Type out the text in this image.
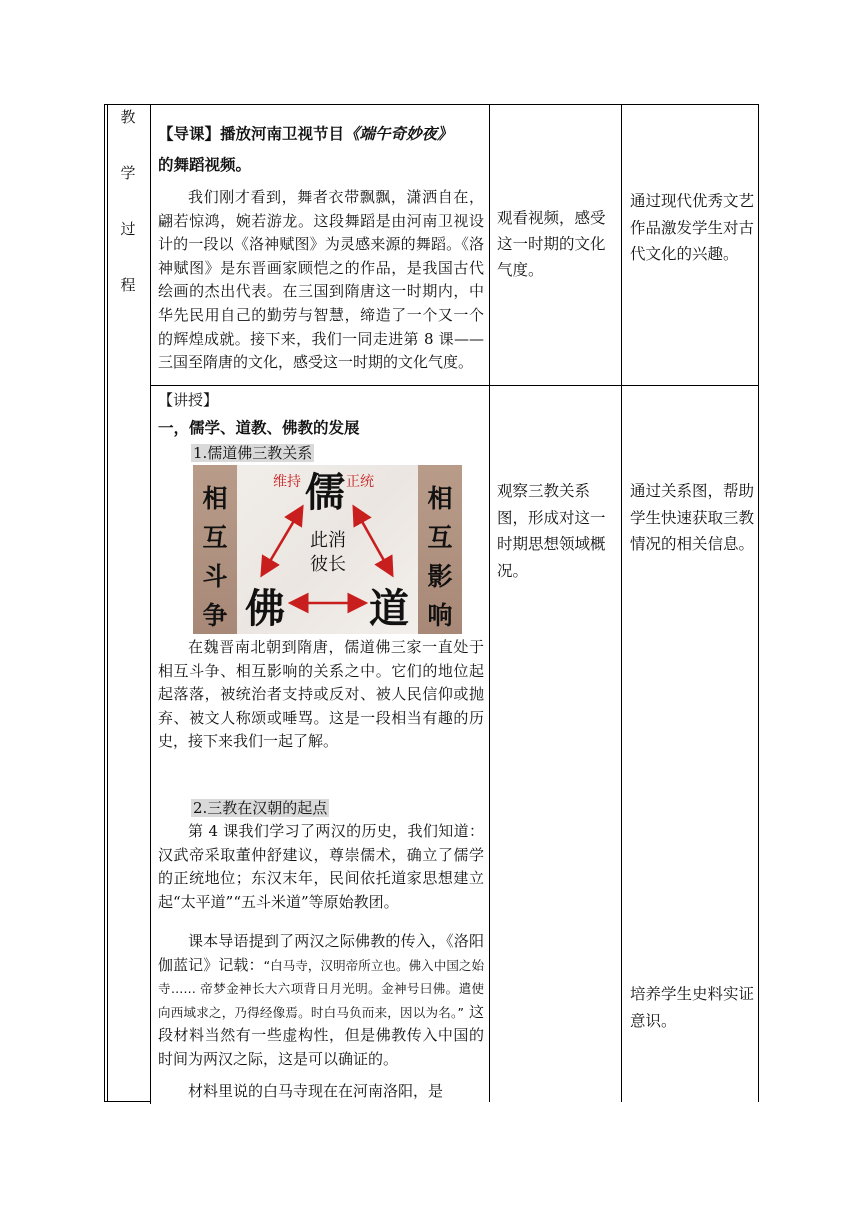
教
学
过
程
【导课】播放河南卫视节目《端午奇妙夜》
的舞蹈视频。
我们刚才看到，舞者衣带飘飘，潇洒自在，翩若惊鸿，婉若游龙。这段舞蹈是由河南卫视设计的一段以《洛神赋图》为灵感来源的舞蹈。《洛神赋图》是东晋画家顾恺之的作品，是我国古代绘画的杰出代表。在三国到隋唐这一时期内，中华先民用自己的勤劳与智慧，缔造了一个又一个的辉煌成就。接下来，我们一同走进第 8 课——三国至隋唐的文化，感受这一时期的文化气度。
观看视频，感受这一时期的文化气度。
通过现代优秀文艺作品激发学生对古代文化的兴趣。
【讲授】
一，儒学、道教、佛教的发展
1.儒道佛三教关系
相
互
斗
争
相
互
影
响
维持	正统
儒
佛 道
此消
彼长
在魏晋南北朝到隋唐，儒道佛三家一直处于相互斗争、相互影响的关系之中。它们的地位起起落落，被统治者支持或反对、被人民信仰或抛弃、被文人称颂或唾骂。这是一段相当有趣的历史，接下来我们一起了解。
2.三教在汉朝的起点
第 4 课我们学习了两汉的历史，我们知道：汉武帝采取董仲舒建议，尊崇儒术，确立了儒学的正统地位；东汉末年，民间依托道家思想建立起“太平道”“五斗米道”等原始教团。
课本导语提到了两汉之际佛教的传入，《洛阳伽蓝记》记载：“白马寺，汉明帝所立也。佛入中国之始寺…… 帝梦金神长大六项背日月光明。金神号曰佛。遣使向西域求之，乃得经像焉。时白马负而来，因以为名。” 这段材料当然有一些虚构性，但是佛教传入中国的时间为两汉之际，这是可以确证的。
材料里说的白马寺现在在河南洛阳，是
观察三教关系图，形成对这一时期思想领域概况。
通过关系图，帮助学生快速获取三教情况的相关信息。
培养学生史料实证意识。
